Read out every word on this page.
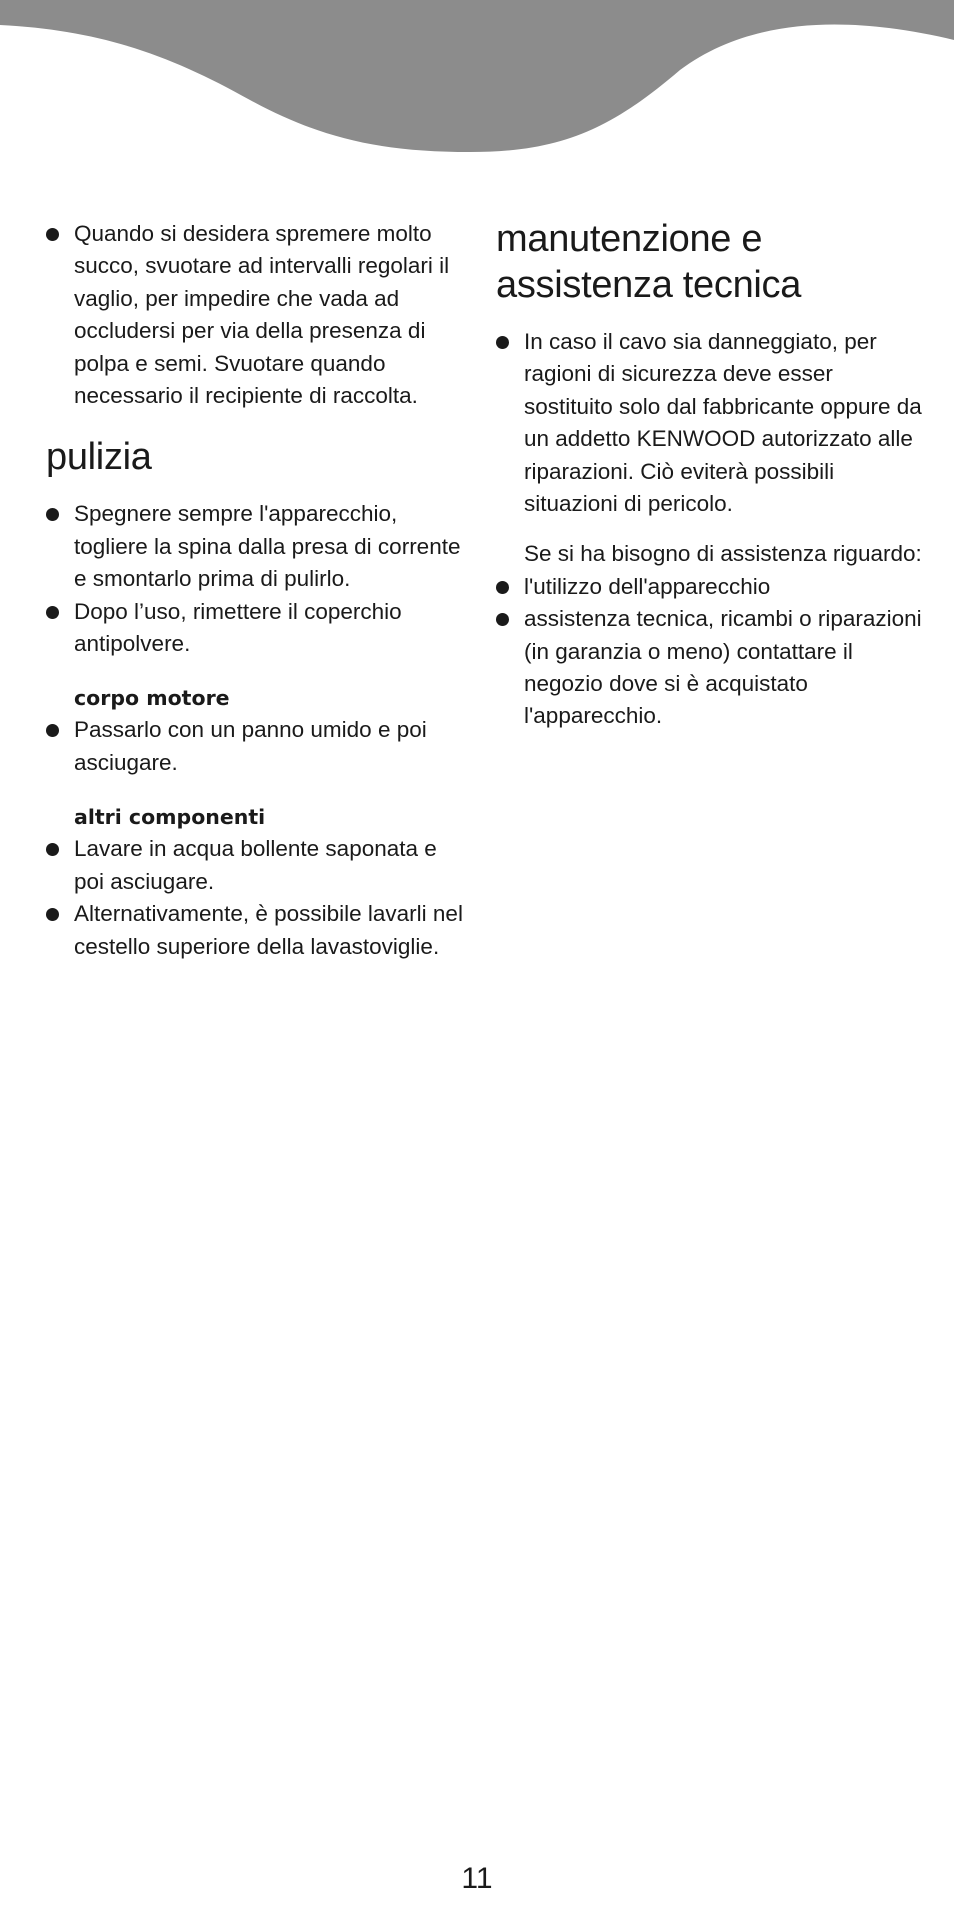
Quando si desidera spremere molto succo, svuotare ad intervalli regolari il vaglio, per impedire che vada ad occludersi per via della presenza di polpa e semi. Svuotare quando necessario il recipiente di raccolta.
pulizia
Spegnere sempre l'apparecchio, togliere la spina dalla presa di corrente e smontarlo prima di pulirlo.
Dopo l’uso, rimettere il coperchio antipolvere.
corpo motore
Passarlo con un panno umido e poi asciugare.
altri componenti
Lavare in acqua bollente saponata e poi asciugare.
Alternativamente, è possibile lavarli nel cestello superiore della lavastoviglie.
manutenzione e
assistenza tecnica
In caso il cavo sia danneggiato, per ragioni di sicurezza deve esser sostituito solo dal fabbricante oppure da un addetto KENWOOD autorizzato alle riparazioni. Ciò eviterà possibili situazioni di pericolo.

Se si ha bisogno di assistenza riguardo:

l'utilizzo dell'apparecchio
assistenza tecnica, ricambi o riparazioni (in garanzia o meno) contattare il negozio dove si è acquistato l'apparecchio.
11
